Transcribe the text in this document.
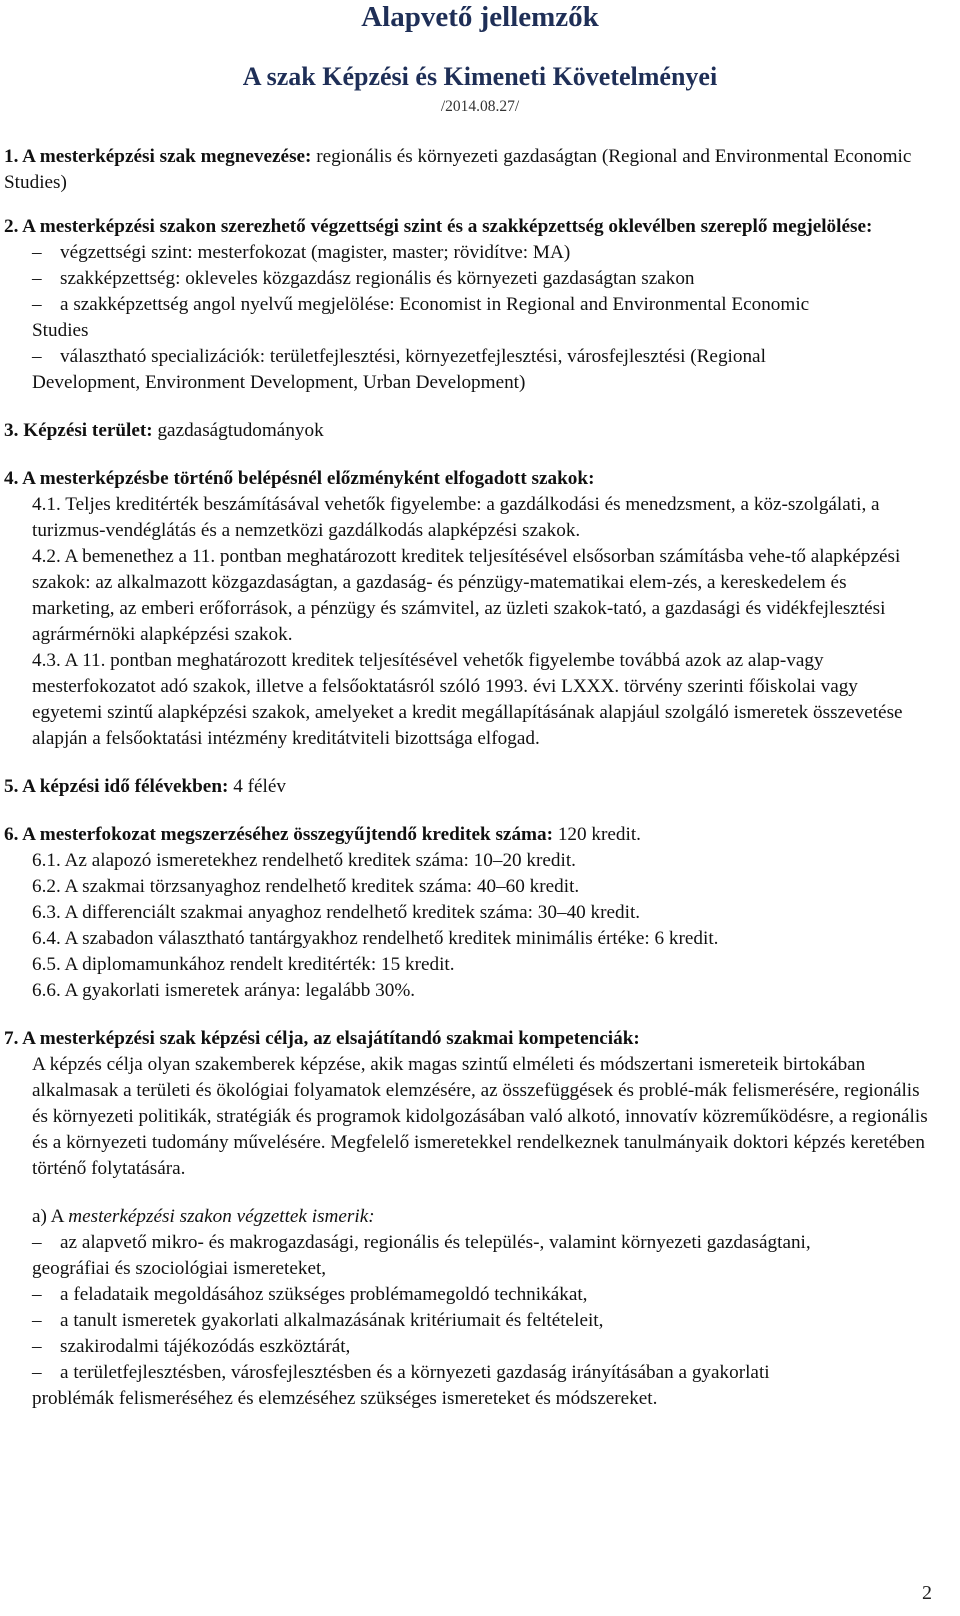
Alapvető jellemzők
A szak Képzési és Kimeneti Követelményei

/2014.08.27/

1. A mesterképzési szak megnevezése: regionális és környezeti gazdaságtan (Regional and Environmental Economic Studies)

2. A mesterképzési szakon szerezhető végzettségi szint és a szakképzettség oklevélben szereplő megjelölése:

– végzettségi szint: mesterfokozat (magister, master; rövidítve: MA)
– szakképzettség: okleveles közgazdász regionális és környezeti gazdaságtan szakon
– a szakképzettség angol nyelvű megjelölése: Economist in Regional and Environmental Economic

Studies

– választható specializációk: területfejlesztési, környezetfejlesztési, városfejlesztési (Regional

Development, Environment Development, Urban Development)

3. Képzési terület: gazdaságtudományok

4. A mesterképzésbe történő belépésnél előzményként elfogadott szakok:

4.1. Teljes kreditérték beszámításával vehetők figyelembe: a gazdálkodási és menedzsment, a köz-szolgálati, a turizmus-vendéglátás és a nemzetközi gazdálkodás alapképzési szakok.

4.2. A bemenethez a 11. pontban meghatározott kreditek teljesítésével elsősorban számításba vehe-tő alapképzési szakok: az alkalmazott közgazdaságtan, a gazdaság- és pénzügy-matematikai elem-zés, a kereskedelem és marketing, az emberi erőforrások, a pénzügy és számvitel, az üzleti szakok-tató, a gazdasági és vidékfejlesztési agrármérnöki alapképzési szakok.

4.3. A 11. pontban meghatározott kreditek teljesítésével vehetők figyelembe továbbá azok az alap-vagy mesterfokozatot adó szakok, illetve a felsőoktatásról szóló 1993. évi LXXX. törvény szerinti főiskolai vagy egyetemi szintű alapképzési szakok, amelyeket a kredit megállapításának alapjául szolgáló ismeretek összevetése alapján a felsőoktatási intézmény kreditátviteli bizottsága elfogad.

5. A képzési idő félévekben: 4 félév

6. A mesterfokozat megszerzéséhez összegyűjtendő kreditek száma: 120 kredit.

6.1. Az alapozó ismeretekhez rendelhető kreditek száma: 10–20 kredit.

6.2. A szakmai törzsanyaghoz rendelhető kreditek száma: 40–60 kredit.

6.3. A differenciált szakmai anyaghoz rendelhető kreditek száma: 30–40 kredit.

6.4. A szabadon választható tantárgyakhoz rendelhető kreditek minimális értéke: 6 kredit.

6.5. A diplomamunkához rendelt kreditérték: 15 kredit.

6.6. A gyakorlati ismeretek aránya: legalább 30%.

7. A mesterképzési szak képzési célja, az elsajátítandó szakmai kompetenciák:

A képzés célja olyan szakemberek képzése, akik magas szintű elméleti és módszertani ismereteik birtokában alkalmasak a területi és ökológiai folyamatok elemzésére, az összefüggések és problé-mák felismerésére, regionális és környezeti politikák, stratégiák és programok kidolgozásában való alkotó, innovatív közreműködésre, a regionális és a környezeti tudomány művelésére. Megfelelő ismeretekkel rendelkeznek tanulmányaik doktori képzés keretében történő folytatására.

a) A mesterképzési szakon végzettek ismerik:

– az alapvető mikro- és makrogazdasági, regionális és település-, valamint környezeti gazdaságtani,

geográfiai és szociológiai ismereteket,

– a feladataik megoldásához szükséges problémamegoldó technikákat,
– a tanult ismeretek gyakorlati alkalmazásának kritériumait és feltételeit,
– szakirodalmi tájékozódás eszköztárát,
– a területfejlesztésben, városfejlesztésben és a környezeti gazdaság irányításában a gyakorlati

problémák felismeréséhez és elemzéséhez szükséges ismereteket és módszereket.

2
